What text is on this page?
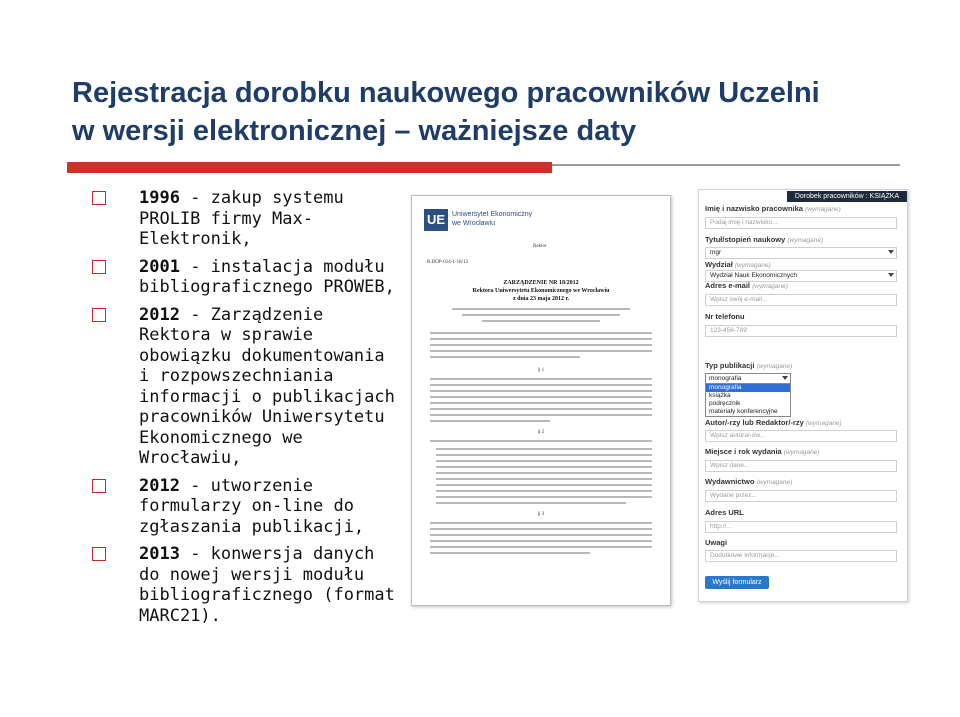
Rejestracja dorobku naukowego pracowników Uczelni
w wersji elektronicznej – ważniejsze daty
1996 - zakup systemu PROLIB firmy Max-Elektronik,
2001 - instalacja modułu bibliograficznego PROWEB,
2012 - Zarządzenie Rektora w sprawie obowiązku dokumentowania i rozpowszechniania informacji o publikacjach pracowników Uniwersytetu Ekonomicznego we Wrocławiu,
2012 - utworzenie formularzy on-line do zgłaszania publikacji,
2013 - konwersja danych do nowej wersji modułu bibliograficznego (format MARC21).
UE Uniwersytet Ekonomiczny
we Wrocławiu
Rektor
R.DOP-014-1-18/12
ZARZĄDZENIE NR 18/2012
Rektora Uniwersytetu Ekonomicznego we Wrocławiu
z dnia 23 maja 2012 r.
§ 1
§ 2
§ 3
Dorobek pracowników : KSIĄŻKA
Imię i nazwisko pracownika (wymagane)
Podaj imię i nazwisko...
Tytuł/stopień naukowy (wymagane)
mgr
Wydział (wymagane)
Wydział Nauk Ekonomicznych
Adres e-mail (wymagane)
Wpisz swój e-mail...
Nr telefonu
123-456-789
Typ publikacji (wymagane)
monografia
monografia
książka
podręcznik
materiały konferencyjne
Autor/-rzy lub Redaktor/-rzy (wymagane)
Wpisz autora/-ów...
Miejsce i rok wydania (wymagane)
Wpisz dane...
Wydawnictwo (wymagane)
Wydane przez...
Adres URL
http://...
Uwagi
Dodotkowe informacje...
Wyślij formularz
